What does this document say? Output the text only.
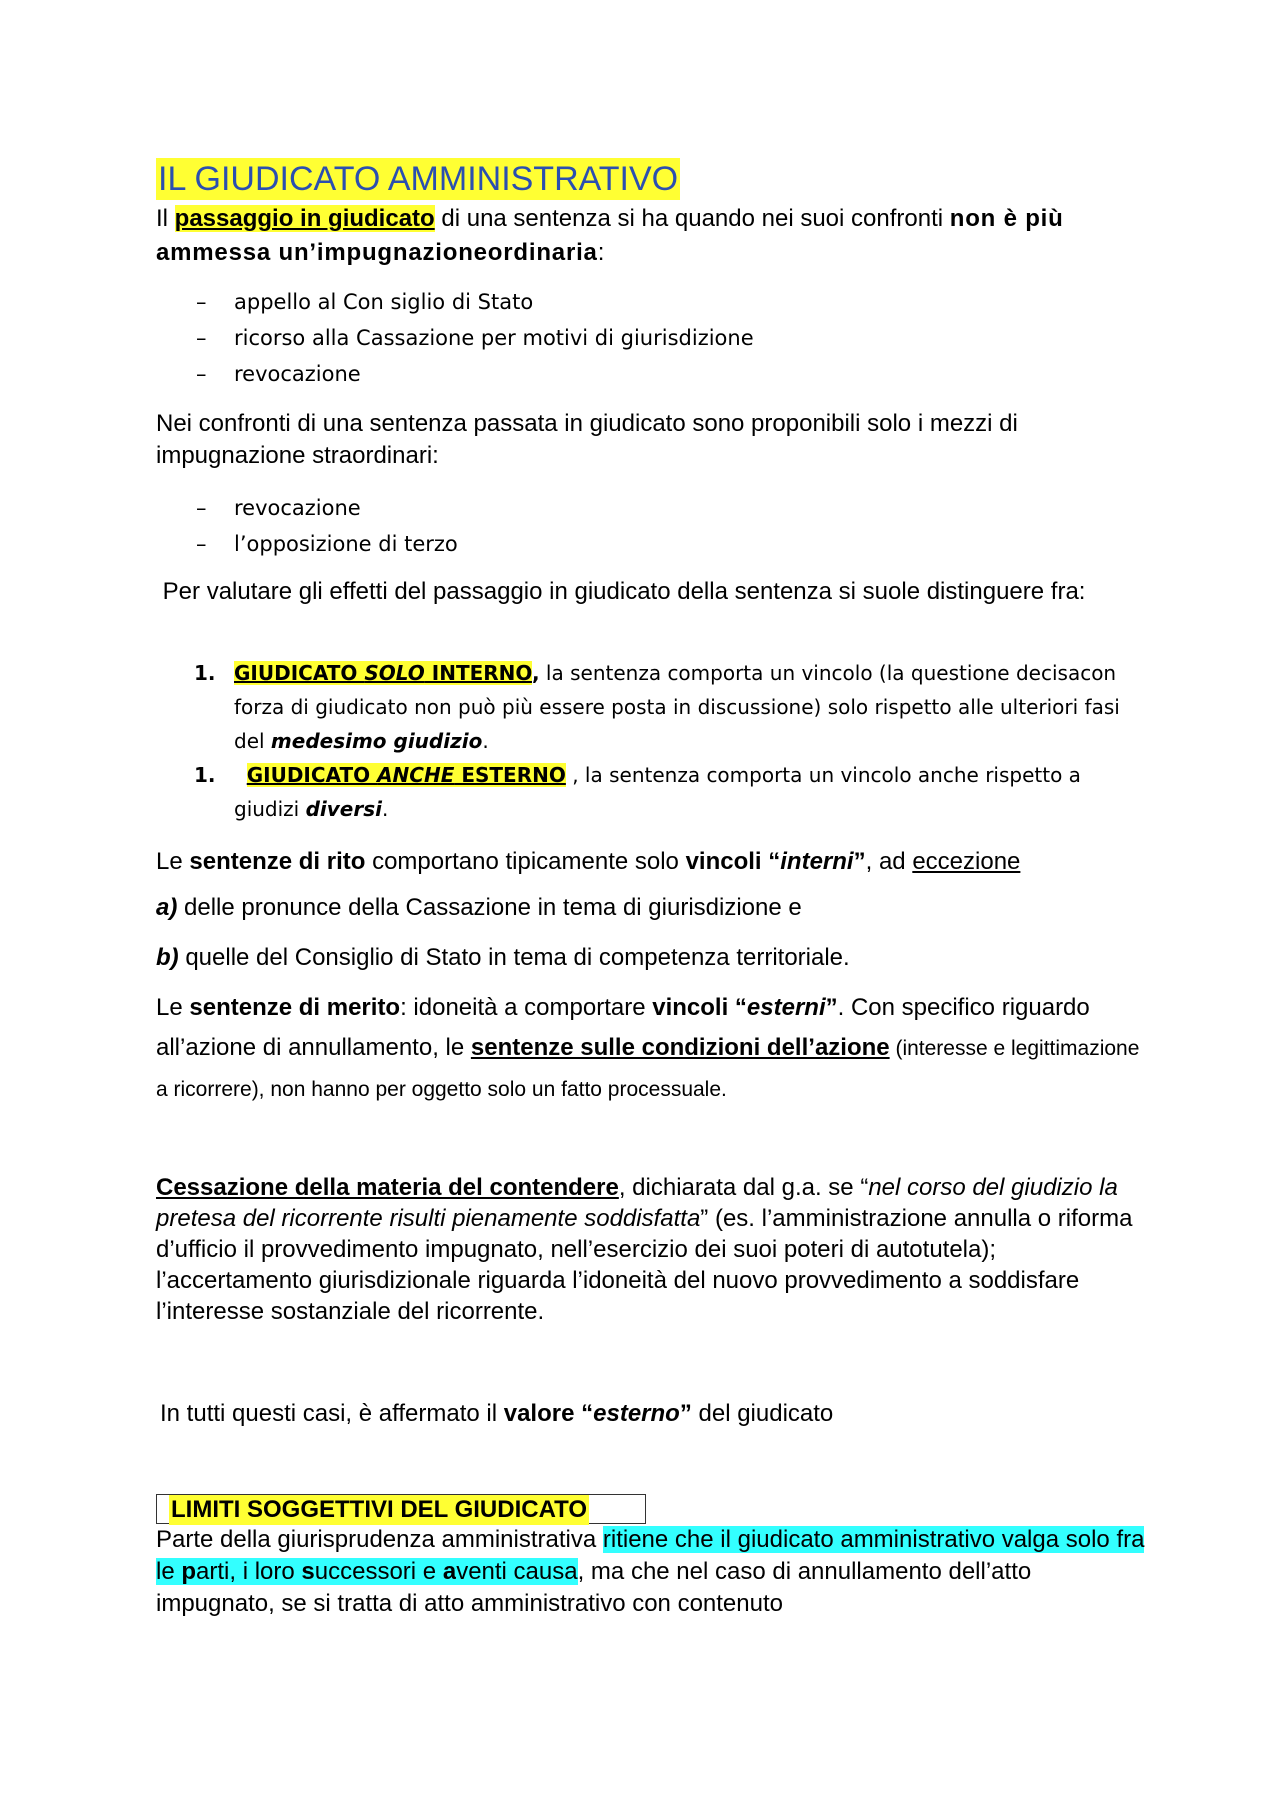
IL GIUDICATO AMMINISTRATIVO

Il passaggio in giudicato di una sentenza si ha quando nei suoi confronti non è più ammessa un’impugnazioneordinaria:

– appello al Con siglio di Stato
– ricorso alla Cassazione per motivi di giurisdizione
– revocazione

Nei confronti di una sentenza passata in giudicato sono proponibili solo i mezzi di impugnazione straordinari:

– revocazione
– l’opposizione di terzo

Per valutare gli effetti del passaggio in giudicato della sentenza si suole distinguere fra:

1. GIUDICATO SOLO INTERNO, la sentenza comporta un vincolo (la questione decisacon forza di giudicato non può più essere posta in discussione) solo rispetto alle ulteriori fasi del medesimo giudizio.
1. GIUDICATO ANCHE ESTERNO , la sentenza comporta un vincolo anche rispetto a giudizi diversi.

Le sentenze di rito comportano tipicamente solo vincoli “interni”, ad eccezione

a) delle pronunce della Cassazione in tema di giurisdizione e

b) quelle del Consiglio di Stato in tema di competenza territoriale.

Le sentenze di merito: idoneità a comportare vincoli “esterni”. Con specifico riguardo all’azione di annullamento, le sentenze sulle condizioni dell’azione (interesse e legittimazione a ricorrere), non hanno per oggetto solo un fatto processuale.

Cessazione della materia del contendere, dichiarata dal g.a. se “nel corso del giudizio la pretesa del ricorrente risulti pienamente soddisfatta” (es. l’amministrazione annulla o riforma d’ufficio il provvedimento impugnato, nell’esercizio dei suoi poteri di autotutela); l’accertamento giurisdizionale riguarda l’idoneità del nuovo provvedimento a soddisfare l’interesse sostanziale del ricorrente.

In tutti questi casi, è affermato il valore “esterno” del giudicato

LIMITI SOGGETTIVI DEL GIUDICATO

Parte della giurisprudenza amministrativa ritiene che il giudicato amministrativo valga solo fra le parti, i loro successori e aventi causa, ma che nel caso di annullamento dell’atto impugnato, se si tratta di atto amministrativo con contenuto
